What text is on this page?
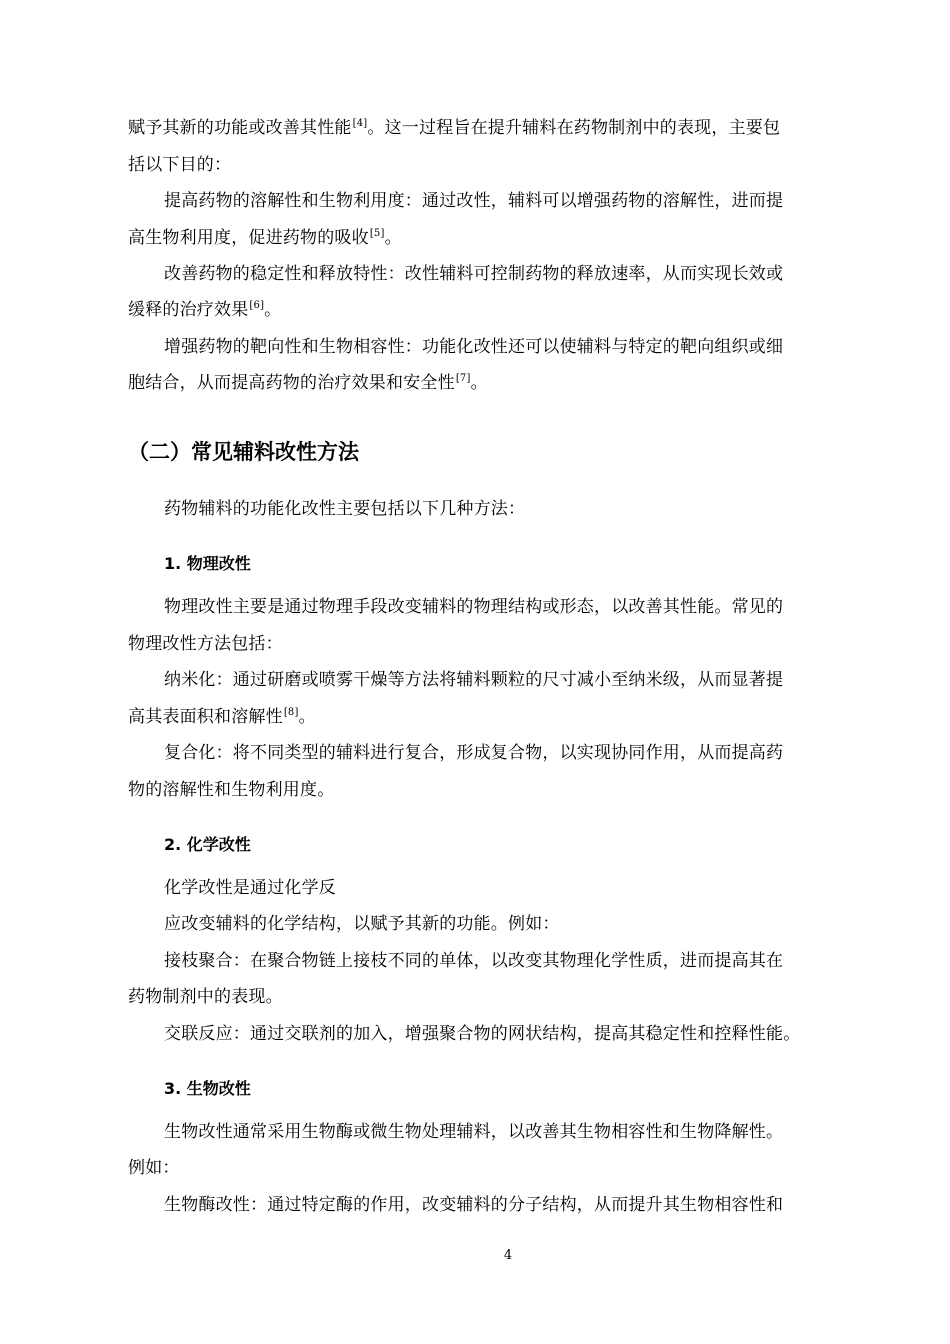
赋予其新的功能或改善其性能[4]。这一过程旨在提升辅料在药物制剂中的表现，主要包
括以下目的：
提高药物的溶解性和生物利用度：通过改性，辅料可以增强药物的溶解性，进而提
高生物利用度，促进药物的吸收[5]。
改善药物的稳定性和释放特性：改性辅料可控制药物的释放速率，从而实现长效或
缓释的治疗效果[6]。
增强药物的靶向性和生物相容性：功能化改性还可以使辅料与特定的靶向组织或细
胞结合，从而提高药物的治疗效果和安全性[7]。
（二）常见辅料改性方法
药物辅料的功能化改性主要包括以下几种方法：
1. 物理改性
物理改性主要是通过物理手段改变辅料的物理结构或形态，以改善其性能。常见的
物理改性方法包括：
纳米化：通过研磨或喷雾干燥等方法将辅料颗粒的尺寸减小至纳米级，从而显著提
高其表面积和溶解性[8]。
复合化：将不同类型的辅料进行复合，形成复合物，以实现协同作用，从而提高药
物的溶解性和生物利用度。
2. 化学改性
化学改性是通过化学反
应改变辅料的化学结构，以赋予其新的功能。例如：
接枝聚合：在聚合物链上接枝不同的单体，以改变其物理化学性质，进而提高其在
药物制剂中的表现。
交联反应：通过交联剂的加入，增强聚合物的网状结构，提高其稳定性和控释性能。
3. 生物改性
生物改性通常采用生物酶或微生物处理辅料，以改善其生物相容性和生物降解性。
例如：
生物酶改性：通过特定酶的作用，改变辅料的分子结构，从而提升其生物相容性和
4
